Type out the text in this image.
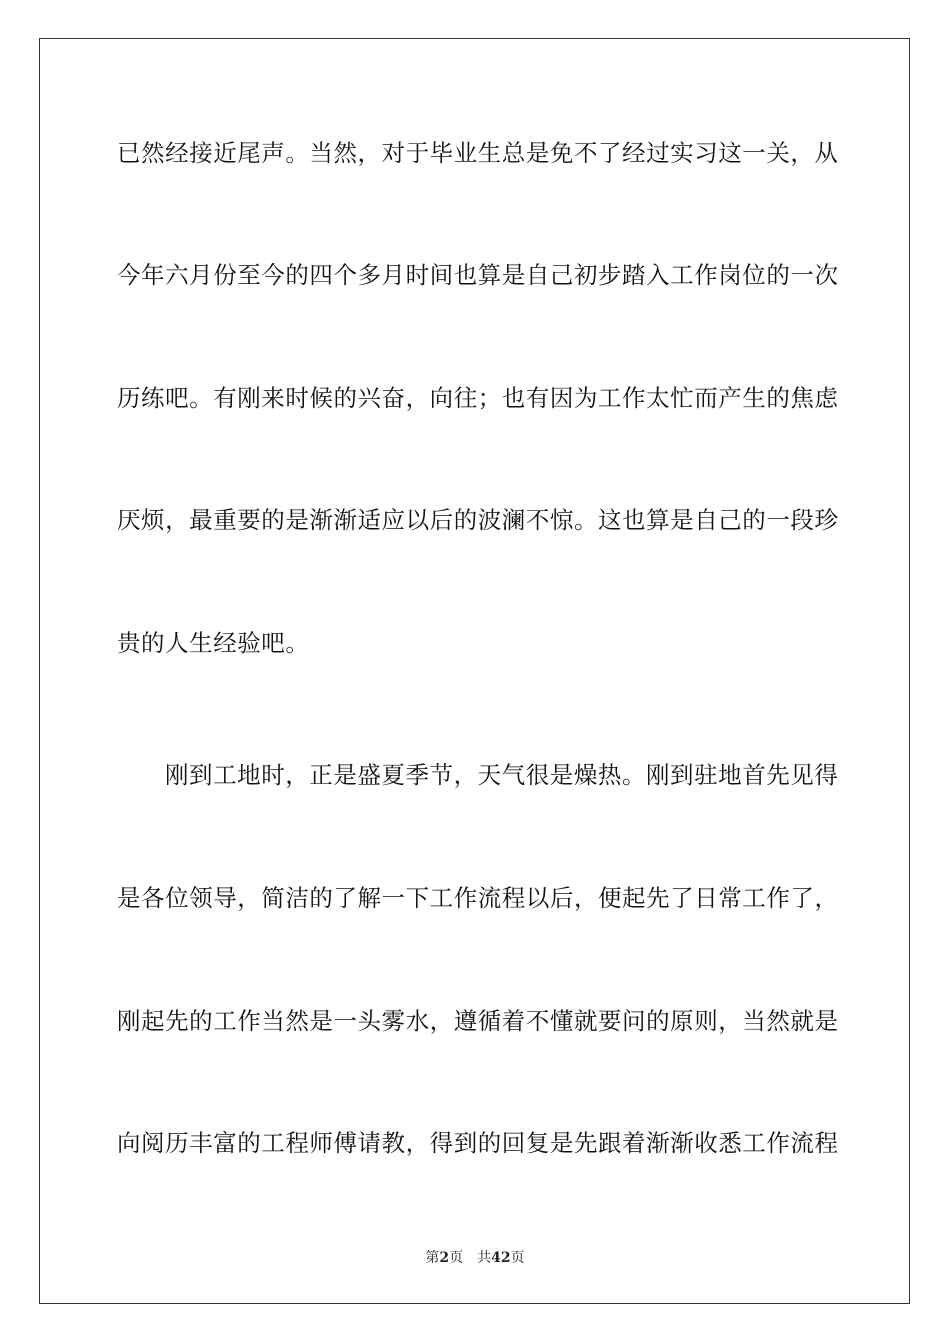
已然经接近尾声。当然，对于毕业生总是免不了经过实习这一关，从
今年六月份至今的四个多月时间也算是自己初步踏入工作岗位的一次
历练吧。有刚来时候的兴奋，向往；也有因为工作太忙而产生的焦虑
厌烦，最重要的是渐渐适应以后的波澜不惊。这也算是自己的一段珍
贵的人生经验吧。
刚到工地时，正是盛夏季节，天气很是燥热。刚到驻地首先见得
是各位领导，简洁的了解一下工作流程以后，便起先了日常工作了，
刚起先的工作当然是一头雾水，遵循着不懂就要问的原则，当然就是
向阅历丰富的工程师傅请教，得到的回复是先跟着渐渐收悉工作流程
第2页 共42页
